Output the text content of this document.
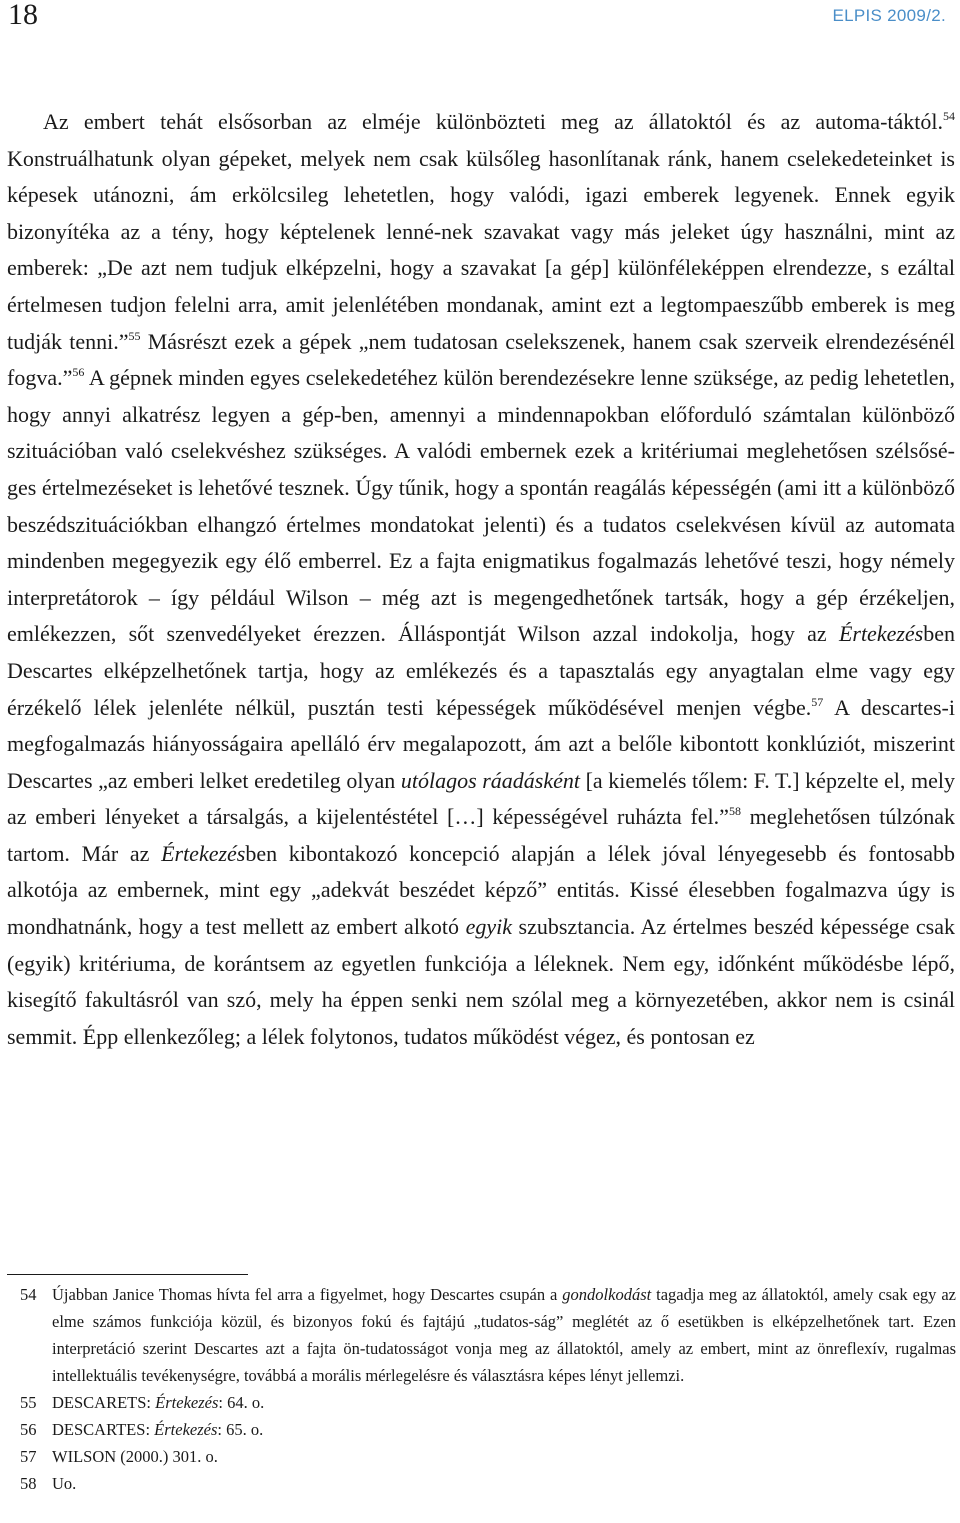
18	ELPIS 2009/2.

Az embert tehát elsősorban az elméje különbözteti meg az állatoktól és az automa-táktól.$^{54}$ Konstruálhatunk olyan gépeket, melyek nem csak külsőleg hasonlítanak ránk, hanem cselekedeteinket is képesek utánozni, ám erkölcsileg lehetetlen, hogy valódi, igazi emberek legyenek. Ennek egyik bizonyítéka az a tény, hogy képtelenek lenné-nek szavakat vagy más jeleket úgy használni, mint az emberek: „De azt nem tudjuk elképzelni, hogy a szavakat [a gép] különféleképpen elrendezze, s ezáltal értelmesen tudjon felelni arra, amit jelenlétében mondanak, amint ezt a legtompaeszűbb emberek is meg tudják tenni.”$^{55}$ Másrészt ezek a gépek „nem tudatosan cselekszenek, hanem csak szerveik elrendezésénél fogva.”$^{56}$ A gépnek minden egyes cselekedetéhez külön berendezésekre lenne szüksége, az pedig lehetetlen, hogy annyi alkatrész legyen a gép-ben, amennyi a mindennapokban előforduló számtalan különböző szituációban való cselekvéshez szükséges. A valódi embernek ezek a kritériumai meglehetősen szélsősé-ges értelmezéseket is lehetővé tesznek. Úgy tűnik, hogy a spontán reagálás képességén (ami itt a különböző beszédszituációkban elhangzó értelmes mondatokat jelenti) és a tudatos cselekvésen kívül az automata mindenben megegyezik egy élő emberrel. Ez a fajta enigmatikus fogalmazás lehetővé teszi, hogy némely interpretátorok – így például Wilson – még azt is megengedhetőnek tartsák, hogy a gép érzékeljen, emlékezzen, sőt szenvedélyeket érezzen. Álláspontját Wilson azzal indokolja, hogy az Értekezésben Descartes elképzelhetőnek tartja, hogy az emlékezés és a tapasztalás egy anyagtalan elme vagy egy érzékelő lélek jelenléte nélkül, pusztán testi képességek működésével menjen végbe.$^{57}$ A descartes-i megfogalmazás hiányosságaira apelláló érv megalapozott, ám azt a belőle kibontott konklúziót, miszerint Descartes „az emberi lelket eredetileg olyan utólagos ráadásként [a kiemelés tőlem: F. T.] képzelte el, mely az emberi lényeket a társalgás, a kijelentéstétel […] képességével ruházta fel.”$^{58}$ meglehetősen túlzónak tartom. Már az Értekezésben kibontakozó koncepció alapján a lélek jóval lényegesebb és fontosabb alkotója az embernek, mint egy „adekvát beszédet képző” entitás. Kissé élesebben fogalmazva úgy is mondhatnánk, hogy a test mellett az embert alkotó egyik szubsztancia. Az értelmes beszéd képessége csak (egyik) kritériuma, de korántsem az egyetlen funkciója a léleknek. Nem egy, időnként működésbe lépő, kisegítő fakultásról van szó, mely ha éppen senki nem szólal meg a környezetében, akkor nem is csinál semmit. Épp ellenkezőleg; a lélek folytonos, tudatos működést végez, és pontosan ez

54 Újabban Janice Thomas hívta fel arra a figyelmet, hogy Descartes csupán a gondolkodást tagadja meg az állatoktól, amely csak egy az elme számos funkciója közül, és bizonyos fokú és fajtájú „tudatos-ság” meglétét az ő esetükben is elképzelhetőnek tart. Ezen interpretáció szerint Descartes azt a fajta ön-tudatosságot vonja meg az állatoktól, amely az embert, mint az önreflexív, rugalmas intellektuális tevékenységre, továbbá a morális mérlegelésre és választásra képes lényt jellemzi.
55 DESCARETS: Értekezés: 64. o.
56 DESCARTES: Értekezés: 65. o.
57 WILSON (2000.) 301. o.
58 Uo.
